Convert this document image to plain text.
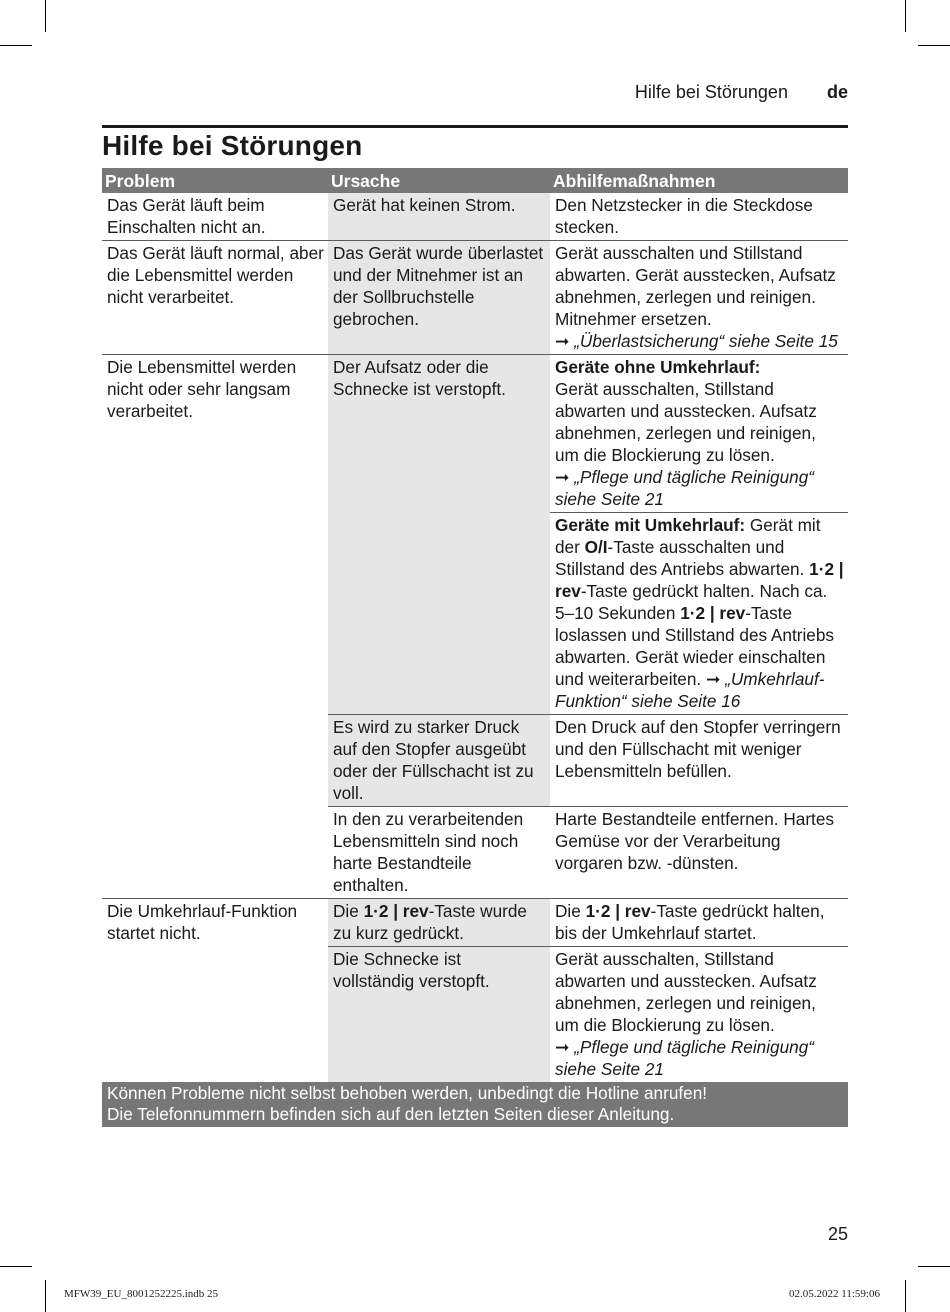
Hilfe bei Störungen de
Hilfe bei Störungen
Problem	Ursache	Abhilfemaßnahmen
Das Gerät läuft beim Einschalten nicht an.	Gerät hat keinen Strom.	Den Netzstecker in die Steckdose stecken.
Das Gerät läuft normal, aber die Lebensmittel werden nicht verarbeitet.	Das Gerät wurde überlastet und der Mitnehmer ist an der Sollbruchstelle gebrochen.	Gerät ausschalten und Stillstand abwarten. Gerät ausstecken, Aufsatz abnehmen, zerlegen und reinigen. Mitnehmer ersetzen.
➞ „Überlastsicherung“ siehe Seite 15
Die Lebensmittel werden nicht oder sehr langsam verarbeitet.	Der Aufsatz oder die Schnecke ist verstopft.	Geräte ohne Umkehrlauf:
Gerät ausschalten, Stillstand abwarten und ausstecken. Aufsatz abnehmen, zerlegen und reinigen, um die Blockierung zu lösen.
➞ „Pflege und tägliche Reinigung“ siehe Seite 21
		Geräte mit Umkehrlauf: Gerät mit der O/I-Taste ausschalten und Stillstand des Antriebs abwarten. 1·2 | rev-Taste gedrückt halten. Nach ca. 5–10 Sekunden 1·2 | rev-Taste loslassen und Stillstand des Antriebs abwarten. Gerät wieder einschalten und weiterarbeiten. ➞ „Umkehrlauf-Funktion“ siehe Seite 16
	Es wird zu starker Druck auf den Stopfer ausgeübt oder der Füllschacht ist zu voll.	Den Druck auf den Stopfer verringern und den Füllschacht mit weniger Lebensmitteln befüllen.
	In den zu verarbeitenden Lebensmitteln sind noch harte Bestandteile enthalten.	Harte Bestandteile entfernen. Hartes Gemüse vor der Verarbeitung vorgaren bzw. -dünsten.
Die Umkehrlauf-Funktion startet nicht.	Die 1·2 | rev-Taste wurde zu kurz gedrückt.	Die 1·2 | rev-Taste gedrückt halten, bis der Umkehrlauf startet.
	Die Schnecke ist vollständig verstopft.	Gerät ausschalten, Stillstand abwarten und ausstecken. Aufsatz abnehmen, zerlegen und reinigen, um die Blockierung zu lösen.
➞ „Pflege und tägliche Reinigung“ siehe Seite 21

Können Probleme nicht selbst behoben werden, unbedingt die Hotline anrufen!
Die Telefonnummern befinden sich auf den letzten Seiten dieser Anleitung.		
25
MFW39_EU_8001252225.indb 25	02.05.2022 11:59:06
